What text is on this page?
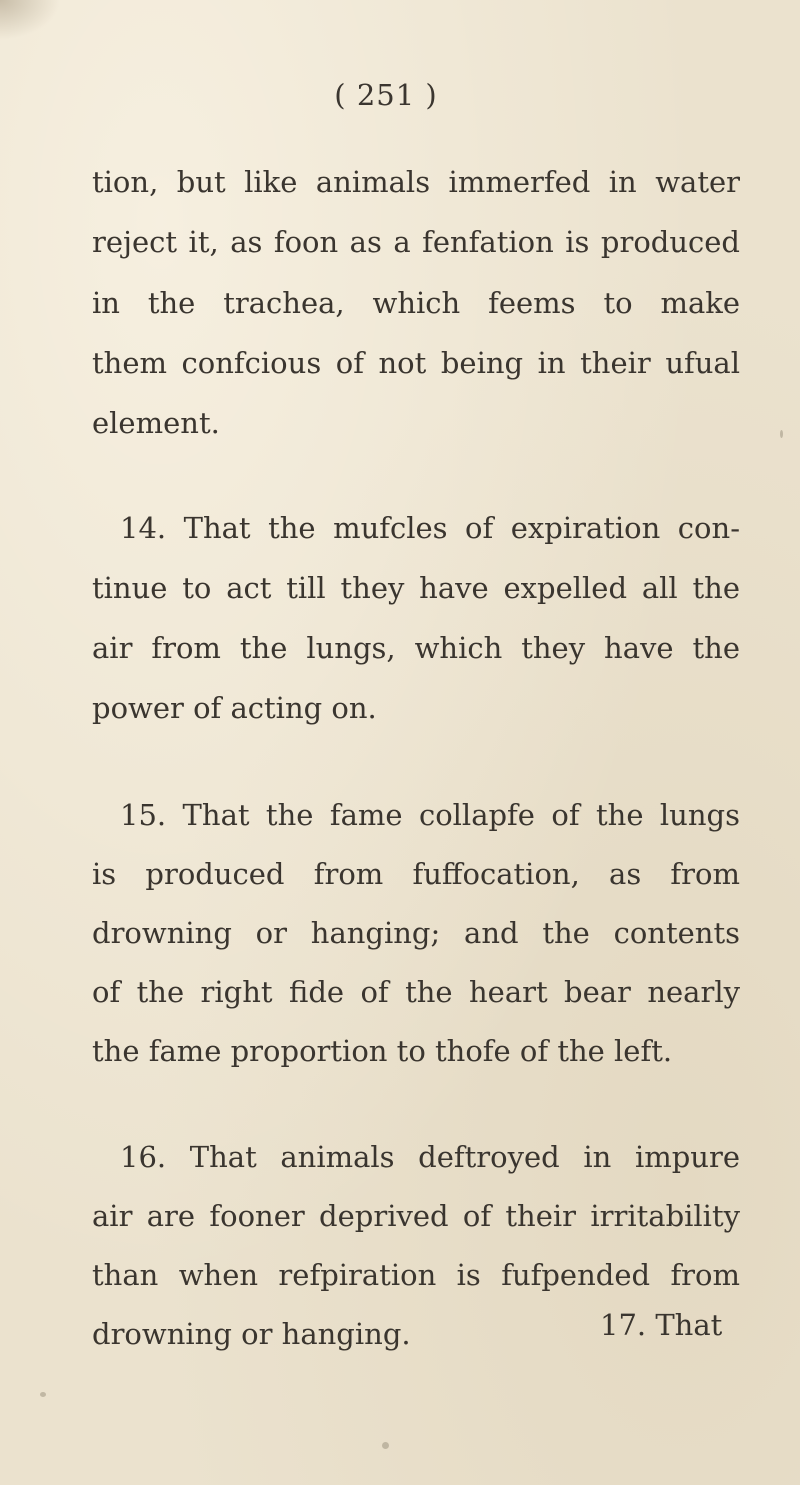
( 251 )
tion, but like animals immerfed in water
reject it, as foon as a fenfation is produced
in the trachea, which feems to make
them confcious of not being in their ufual
element.
14. That the mufcles of expiration con-
tinue to act till they have expelled all the
air from the lungs, which they have the
power of acting on.
15. That the fame collapfe of the lungs
is produced from fuffocation, as from
drowning or hanging; and the contents
of the right fide of the heart bear nearly
the fame proportion to thofe of the left.
16. That animals deftroyed in impure
air are fooner deprived of their irritability
than when refpiration is fufpended from
drowning or hanging.	17. That
